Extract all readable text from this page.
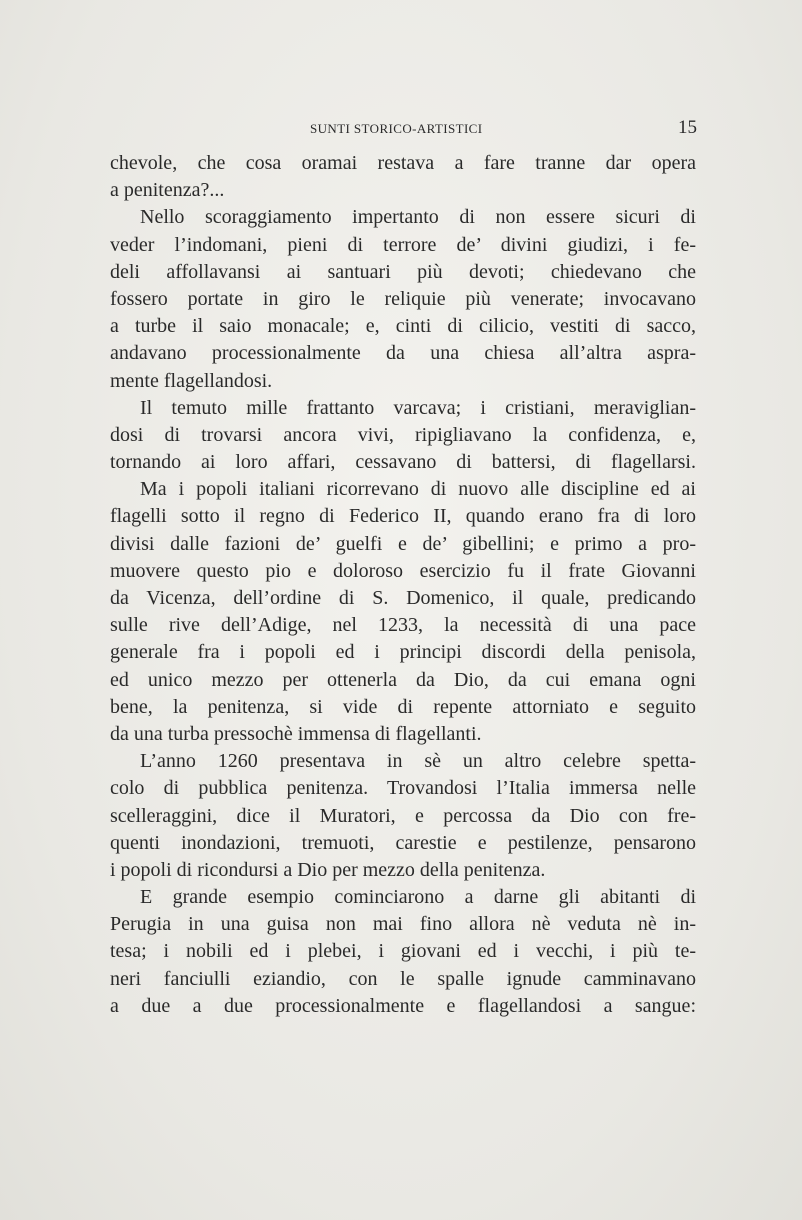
SUNTI STORICO-ARTISTICI	15
chevole, che cosa oramai restava a fare tranne dar opera
a penitenza?...
Nello scoraggiamento impertanto di non essere sicuri di
veder l’indomani, pieni di terrore de’ divini giudizi, i fe-
deli affollavansi ai santuari più devoti; chiedevano che
fossero portate in giro le reliquie più venerate; invocavano
a turbe il saio monacale; e, cinti di cilicio, vestiti di sacco,
andavano processionalmente da una chiesa all’altra aspra-
mente flagellandosi.
Il temuto mille frattanto varcava; i cristiani, meraviglian-
dosi di trovarsi ancora vivi, ripigliavano la confidenza, e,
tornando ai loro affari, cessavano di battersi, di flagellarsi.
Ma i popoli italiani ricorrevano di nuovo alle discipline ed ai
flagelli sotto il regno di Federico II, quando erano fra di loro
divisi dalle fazioni de’ guelfi e de’ gibellini; e primo a pro-
muovere questo pio e doloroso esercizio fu il frate Giovanni
da Vicenza, dell’ordine di S. Domenico, il quale, predicando
sulle rive dell’Adige, nel 1233, la necessità di una pace
generale fra i popoli ed i principi discordi della penisola,
ed unico mezzo per ottenerla da Dio, da cui emana ogni
bene, la penitenza, si vide di repente attorniato e seguito
da una turba pressochè immensa di flagellanti.
L’anno 1260 presentava in sè un altro celebre spetta-
colo di pubblica penitenza. Trovandosi l’Italia immersa nelle
scelleraggini, dice il Muratori, e percossa da Dio con fre-
quenti inondazioni, tremuoti, carestie e pestilenze, pensarono
i popoli di ricondursi a Dio per mezzo della penitenza.
E grande esempio cominciarono a darne gli abitanti di
Perugia in una guisa non mai fino allora nè veduta nè in-
tesa; i nobili ed i plebei, i giovani ed i vecchi, i più te-
neri fanciulli eziandio, con le spalle ignude camminavano
a due a due processionalmente e flagellandosi a sangue:
